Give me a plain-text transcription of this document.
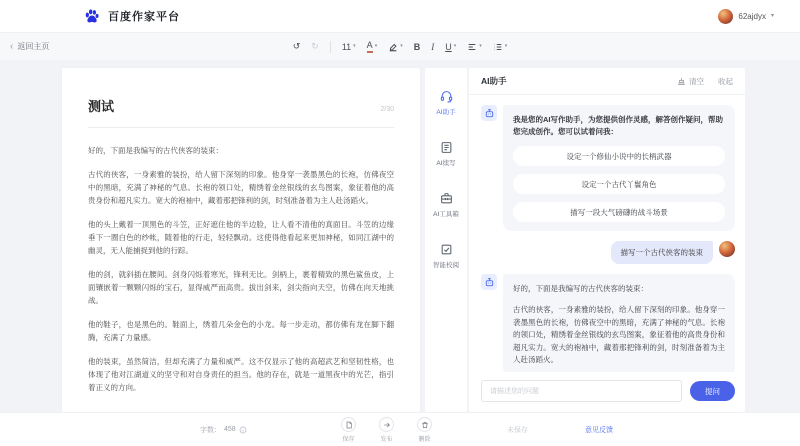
百度作家平台	62ajdyx ▾
‹ 返回主页	↺ ↻	11 ▾ A ▾	▾ B I U ▾	▾	▾
测试	2/30

好的，下面是我编写的古代侠客的装束：

古代的侠客，一身素雅的装扮，给人留下深刻的印象。他身穿一袭墨黑色的长袍，仿佛夜空中的黑暗，充满了神秘的气息。长袍的领口处，精绣着金丝银线的玄鸟图案，象征着他的高贵身份和超凡实力。宽大的袍袖中，藏着那把锋利的剑，时刻准备着为主人赴汤蹈火。

他的头上戴着一顶黑色的斗笠，正好遮住他的半边脸，让人看不清他的真面目。斗笠的边缘垂下一圈白色的纱帐，随着他的行走，轻轻飘动。这使得他看起来更加神秘，如同江湖中的幽灵，无人能捕捉到他的行踪。

他的剑，就斜插在腰间。剑身闪烁着寒光，锋利无比。剑柄上，裹着精致的黑色鲨鱼皮，上面镶嵌着一颗颗闪烁的宝石，显得威严而高贵。拔出剑来，剑尖指向天空，仿佛在向天地挑战。

他的鞋子，也是黑色的。鞋面上，绣着几朵金色的小龙。每一步走动，都仿佛有龙在脚下翻腾，充满了力量感。

他的装束，虽然简洁，但却充满了力量和威严。这不仅显示了他的高超武艺和坚韧性格，也体现了他对江湖道义的坚守和对自身责任的担当。他的存在，就是一道黑夜中的光芒，指引着正义的方向。

AI助手
AI续写
AI工具箱
智能校阅
AI助手	清空 收起
我是您的AI写作助手，为您提供创作灵感，解答创作疑问，帮助您完成创作。您可以试着问我：
设定一个修仙小说中的长柄武器
设定一个古代丫鬟角色
描写一段大气磅礴的战斗场景
描写一个古代侠客的装束
好的，下面是我编写的古代侠客的装束：
古代的侠客，一身素雅的装扮，给人留下深刻的印象。他身穿一袭墨黑色的长袍，仿佛夜空中的黑暗，充满了神秘的气息。长袍的领口处，精绣着金丝银线的玄鸟图案，象征着他的高贵身份和超凡实力。宽大的袍袖中，藏着那把锋利的剑，时刻准备着为主人赴汤蹈火。
请描述您的问题
提问
字数： 458
保存	发布	删除
未保存	意见反馈
